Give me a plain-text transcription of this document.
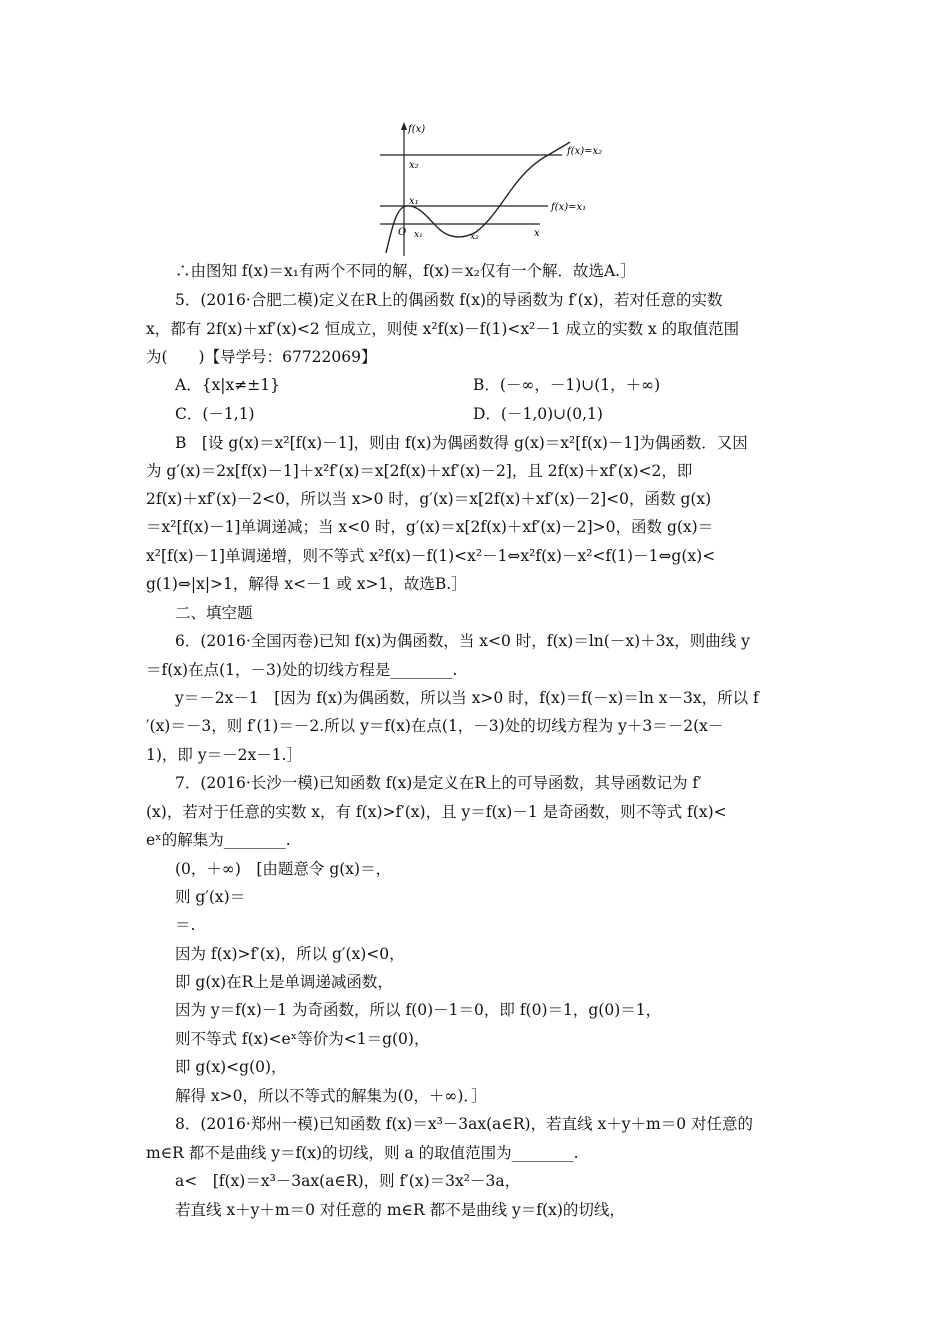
f(x)
x₂
x₁
O x₁	x₂	x
f(x)=x₂
f(x)=x₁
∴由图知 f(x)＝x₁有两个不同的解，f(x)＝x₂仅有一个解．故选A.］
5．(2016·合肥二模)定义在R上的偶函数 f(x)的导函数为 f′(x)，若对任意的实数
x，都有 2f(x)＋xf′(x)<2 恒成立，则使 x²f(x)－f(1)<x²－1 成立的实数 x 的取值范围
为(　　)【导学号：67722069】
A．{x|x≠±1}	B．(－∞，－1)∪(1，＋∞)
C．(－1,1)	D．(－1,0)∪(0,1)
B　[设 g(x)＝x²[f(x)－1]，则由 f(x)为偶函数得 g(x)＝x²[f(x)－1]为偶函数．又因
为 g′(x)＝2x[f(x)－1]＋x²f′(x)＝x[2f(x)＋xf′(x)－2]，且 2f(x)＋xf′(x)<2，即
2f(x)＋xf′(x)－2<0，所以当 x>0 时，g′(x)＝x[2f(x)＋xf′(x)－2]<0，函数 g(x)
＝x²[f(x)－1]单调递减；当 x<0 时，g′(x)＝x[2f(x)＋xf′(x)－2]>0，函数 g(x)＝
x²[f(x)－1]单调递增，则不等式 x²f(x)－f(1)<x²－1⇔x²f(x)－x²<f(1)－1⇔g(x)<
g(1)⇔|x|>1，解得 x<－1 或 x>1，故选B.］
二、填空题
6．(2016·全国丙卷)已知 f(x)为偶函数，当 x<0 时，f(x)＝ln(－x)＋3x，则曲线 y
＝f(x)在点(1，－3)处的切线方程是________.
y＝－2x－1　[因为 f(x)为偶函数，所以当 x>0 时，f(x)＝f(－x)＝ln x－3x，所以 f
′(x)＝－3，则 f′(1)＝－2.所以 y＝f(x)在点(1，－3)处的切线方程为 y＋3＝－2(x－
1)，即 y＝－2x－1.］
7．(2016·长沙一模)已知函数 f(x)是定义在R上的可导函数，其导函数记为 f′
(x)，若对于任意的实数 x，有 f(x)>f′(x)，且 y＝f(x)－1 是奇函数，则不等式 f(x)<
eˣ的解集为________.
(0，＋∞)　[由题意令 g(x)＝，
则 g′(x)＝
＝.
因为 f(x)>f′(x)，所以 g′(x)<0，
即 g(x)在R上是单调递减函数，
因为 y＝f(x)－1 为奇函数，所以 f(0)－1＝0，即 f(0)＝1，g(0)＝1，
则不等式 f(x)<eˣ等价为<1＝g(0)，
即 g(x)<g(0)，
解得 x>0，所以不等式的解集为(0，＋∞)．］
8．(2016·郑州一模)已知函数 f(x)＝x³－3ax(a∈R)，若直线 x＋y＋m＝0 对任意的
m∈R 都不是曲线 y＝f(x)的切线，则 a 的取值范围为________.
a<　[f(x)＝x³－3ax(a∈R)，则 f′(x)＝3x²－3a，
若直线 x＋y＋m＝0 对任意的 m∈R 都不是曲线 y＝f(x)的切线，
